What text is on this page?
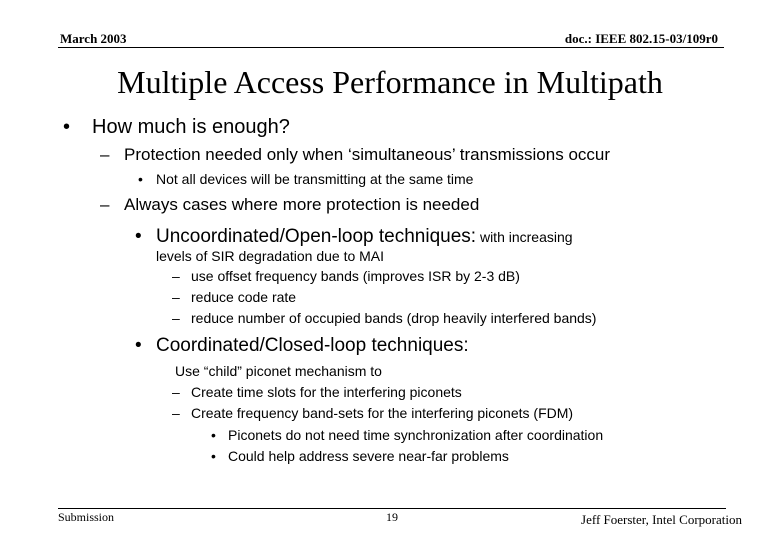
March 2003	doc.: IEEE 802.15-03/109r0
Multiple Access Performance in Multipath
• How much is enough?
– Protection needed only when ‘simultaneous’ transmissions occur
• Not all devices will be transmitting at the same time
– Always cases where more protection is needed
• Uncoordinated/Open-loop techniques: with increasing
levels of SIR degradation due to MAI
– use offset frequency bands (improves ISR by 2-3 dB)
– reduce code rate
– reduce number of occupied bands (drop heavily interfered bands)
• Coordinated/Closed-loop techniques:
Use “child” piconet mechanism to
– Create time slots for the interfering piconets
– Create frequency band-sets for the interfering piconets (FDM)
• Piconets do not need time synchronization after coordination
• Could help address severe near-far problems
Submission	19	Jeff Foerster, Intel Corporation
